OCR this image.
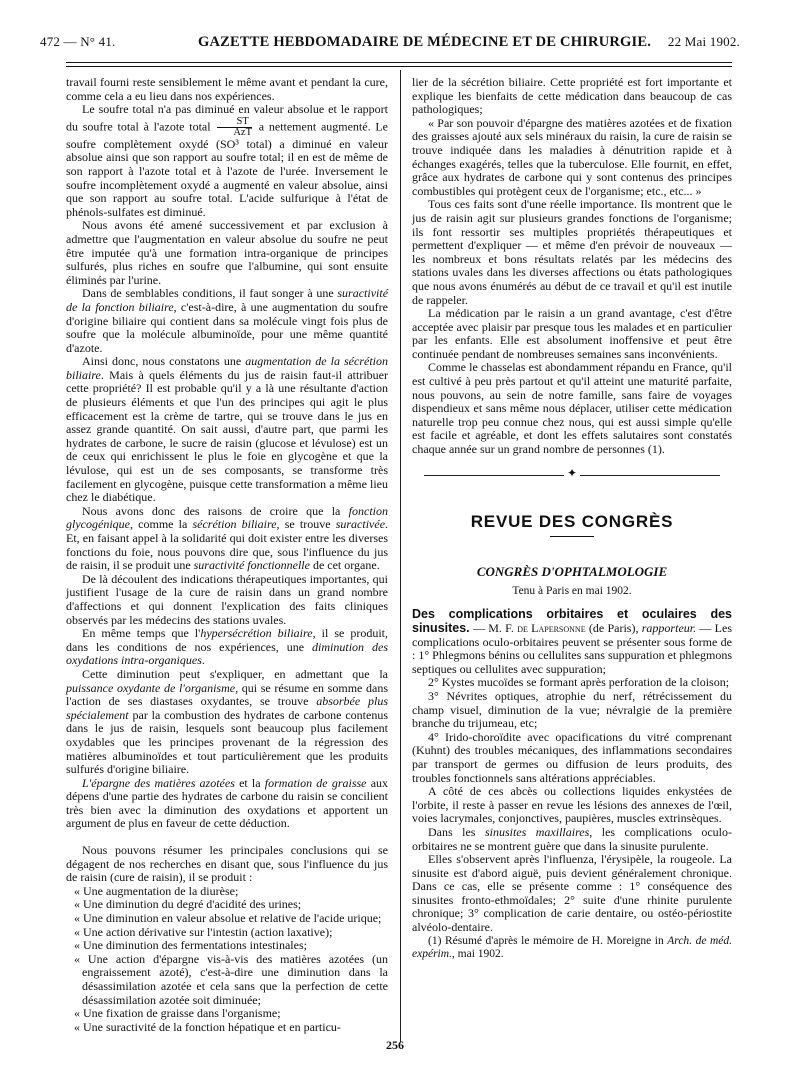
472 — N° 41.	GAZETTE HEBDOMADAIRE DE MÉDECINE ET DE CHIRURGIE. 22 Mai 1902.

travail fourni reste sensiblement le même avant et pendant la cure, comme cela a eu lieu dans nos expériences.

Le soufre total n'a pas diminué en valeur absolue et le rapport du soufre total à l'azote total $\frac{ST}{\text{AzT}}$ a nettement augmenté. Le soufre complètement oxydé (SO³ total) a diminué en valeur absolue ainsi que son rapport au soufre total; il en est de même de son rapport à l'azote total et à l'azote de l'urée. Inversement le soufre incomplètement oxydé a augmenté en valeur absolue, ainsi que son rapport au soufre total. L'acide sulfurique à l'état de phénols-sulfates est diminué.

Nous avons été amené successivement et par exclusion à admettre que l'augmentation en valeur absolue du soufre ne peut être imputée qu'à une formation intra-organique de principes sulfurés, plus riches en soufre que l'albumine, qui sont ensuite éliminés par l'urine.

Dans de semblables conditions, il faut songer à une suractivité de la fonction biliaire, c'est-à-dire, à une augmentation du soufre d'origine biliaire qui contient dans sa molécule vingt fois plus de soufre que la molécule albuminoïde, pour une même quantité d'azote.

Ainsi donc, nous constatons une augmentation de la sécrétion biliaire. Mais à quels éléments du jus de raisin faut-il attribuer cette propriété? Il est probable qu'il y a là une résultante d'action de plusieurs éléments et que l'un des principes qui agit le plus efficacement est la crème de tartre, qui se trouve dans le jus en assez grande quantité. On sait aussi, d'autre part, que parmi les hydrates de carbone, le sucre de raisin (glucose et lévulose) est un de ceux qui enrichissent le plus le foie en glycogène et que la lévulose, qui est un de ses composants, se transforme très facilement en glycogène, puisque cette transformation a même lieu chez le diabétique.

Nous avons donc des raisons de croire que la fonction glycogénique, comme la sécrétion biliaire, se trouve suractivée. Et, en faisant appel à la solidarité qui doit exister entre les diverses fonctions du foie, nous pouvons dire que, sous l'influence du jus de raisin, il se produit une suractivité fonctionnelle de cet organe.

De là découlent des indications thérapeutiques importantes, qui justifient l'usage de la cure de raisin dans un grand nombre d'affections et qui donnent l'explication des faits cliniques observés par les médecins des stations uvales.

En même temps que l'hypersécrétion biliaire, il se produit, dans les conditions de nos expériences, une diminution des oxydations intra-organiques.

Cette diminution peut s'expliquer, en admettant que la puissance oxydante de l'organisme, qui se résume en somme dans l'action de ses diastases oxydantes, se trouve absorbée plus spécialement par la combustion des hydrates de carbone contenus dans le jus de raisin, lesquels sont beaucoup plus facilement oxydables que les principes provenant de la régression des matières albuminoïdes et tout particulièrement que les produits sulfurés d'origine biliaire.

L'épargne des matières azotées et la formation de graisse aux dépens d'une partie des hydrates de carbone du raisin se concilient très bien avec la diminution des oxydations et apportent un argument de plus en faveur de cette déduction.

Nous pouvons résumer les principales conclusions qui se dégagent de nos recherches en disant que, sous l'influence du jus de raisin (cure de raisin), il se produit :

« Une augmentation de la diurèse;

« Une diminution du degré d'acidité des urines;

« Une diminution en valeur absolue et relative de l'acide urique;

« Une action dérivative sur l'intestin (action laxative);

« Une diminution des fermentations intestinales;

« Une action d'épargne vis-à-vis des matières azotées (un engraissement azoté), c'est-à-dire une diminution dans la désassimilation azotée et cela sans que la perfection de cette désassimilation azotée soit diminuée;

« Une fixation de graisse dans l'organisme;

« Une suractivité de la fonction hépatique et en particu-

lier de la sécrétion biliaire. Cette propriété est fort importante et explique les bienfaits de cette médication dans beaucoup de cas pathologiques;

« Par son pouvoir d'épargne des matières azotées et de fixation des graisses ajouté aux sels minéraux du raisin, la cure de raisin se trouve indiquée dans les maladies à dénutrition rapide et à échanges exagérés, telles que la tuberculose. Elle fournit, en effet, grâce aux hydrates de carbone qui y sont contenus des principes combustibles qui protègent ceux de l'organisme; etc., etc... »

Tous ces faits sont d'une réelle importance. Ils montrent que le jus de raisin agit sur plusieurs grandes fonctions de l'organisme; ils font ressortir ses multiples propriétés thérapeutiques et permettent d'expliquer — et même d'en prévoir de nouveaux — les nombreux et bons résultats relatés par les médecins des stations uvales dans les diverses affections ou états pathologiques que nous avons énumérés au début de ce travail et qu'il est inutile de rappeler.

La médication par le raisin a un grand avantage, c'est d'être acceptée avec plaisir par presque tous les malades et en particulier par les enfants. Elle est absolument inoffensive et peut être continuée pendant de nombreuses semaines sans inconvénients.

Comme le chasselas est abondamment répandu en France, qu'il est cultivé à peu près partout et qu'il atteint une maturité parfaite, nous pouvons, au sein de notre famille, sans faire de voyages dispendieux et sans même nous déplacer, utiliser cette médication naturelle trop peu connue chez nous, qui est aussi simple qu'elle est facile et agréable, et dont les effets salutaires sont constatés chaque année sur un grand nombre de personnes (1).

✦
REVUE DES CONGRÈS
CONGRÈS D'OPHTALMOLOGIE
Tenu à Paris en mai 1902.

Des complications orbitaires et oculaires des sinusites. — M. F. de Lapersonne (de Paris), rapporteur. — Les complications oculo-orbitaires peuvent se présenter sous forme de : 1° Phlegmons bénins ou cellulites sans suppuration et phlegmons septiques ou cellulites avec suppuration;

2° Kystes mucoïdes se formant après perforation de la cloison;

3° Névrites optiques, atrophie du nerf, rétrécissement du champ visuel, diminution de la vue; névralgie de la première branche du trijumeau, etc;

4° Irido-choroïdite avec opacifications du vitré comprenant (Kuhnt) des troubles mécaniques, des inflammations secondaires par transport de germes ou diffusion de leurs produits, des troubles fonctionnels sans altérations appréciables.

A côté de ces abcès ou collections liquides enkystées de l'orbite, il reste à passer en revue les lésions des annexes de l'œil, voies lacrymales, conjonctives, paupières, muscles extrinsèques.

Dans les sinusites maxillaires, les complications oculo-orbitaires ne se montrent guère que dans la sinusite purulente.

Elles s'observent après l'influenza, l'érysipèle, la rougeole. La sinusite est d'abord aiguë, puis devient généralement chronique. Dans ce cas, elle se présente comme : 1° conséquence des sinusites fronto-ethmoïdales; 2° suite d'une rhinite purulente chronique; 3° complication de carie dentaire, ou ostéo-périostite alvéolo-dentaire.

(1) Résumé d'après le mémoire de H. Moreigne in Arch. de méd. expérim., mai 1902.

256
